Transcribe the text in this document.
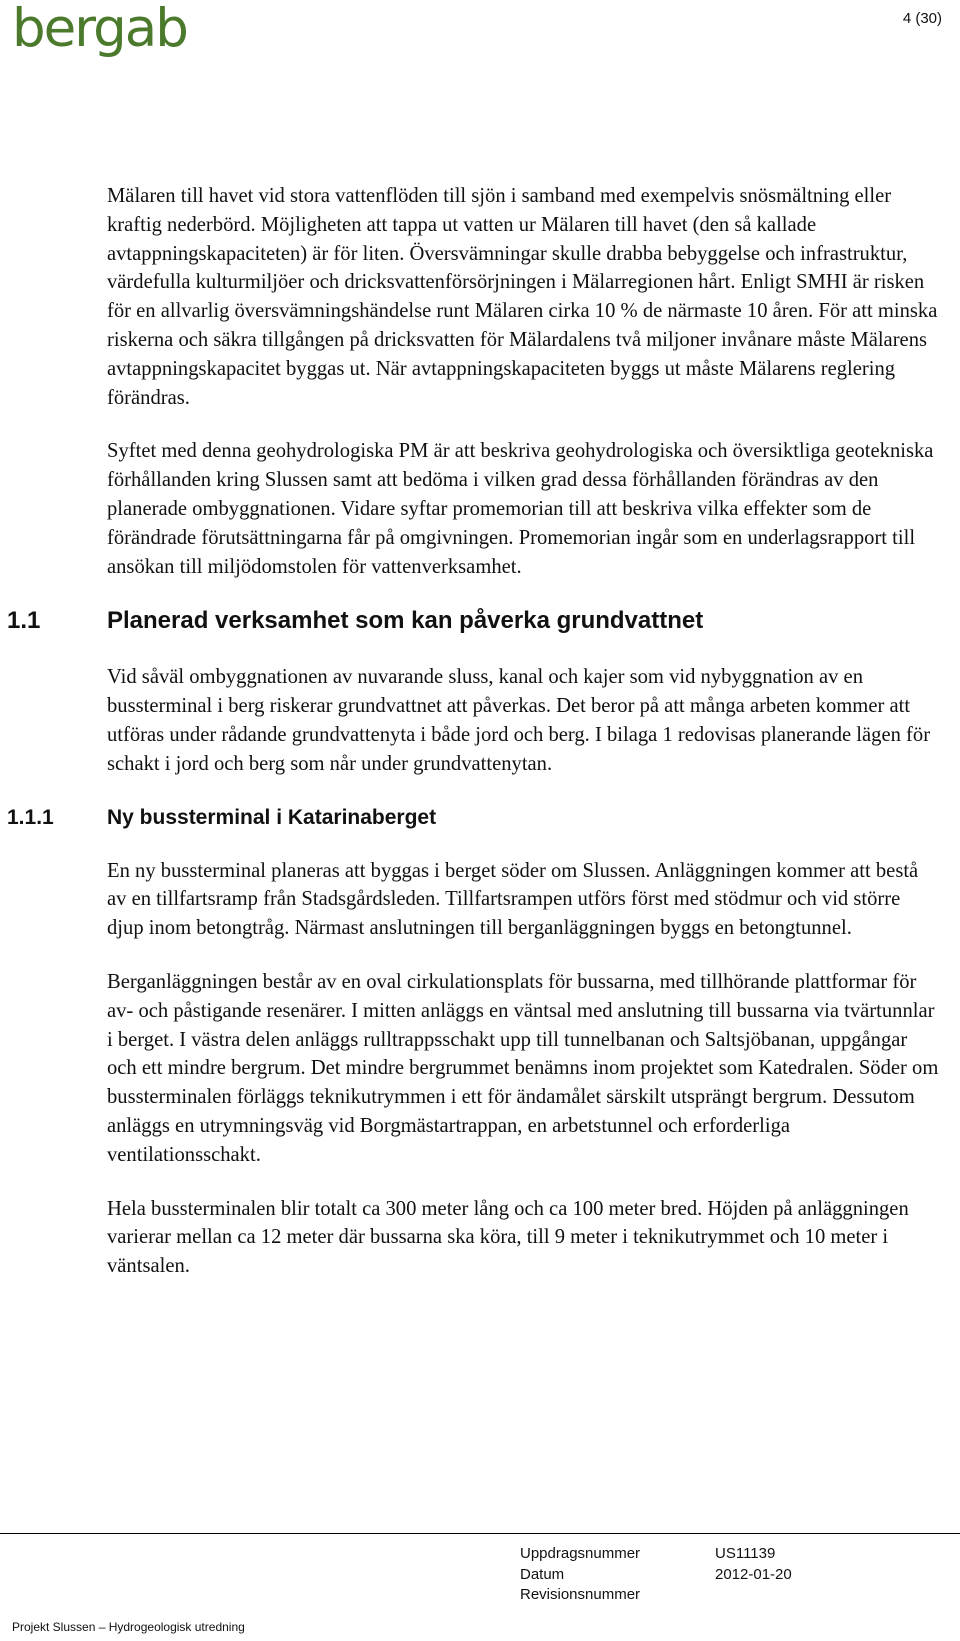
bergab	4 (30)

Mälaren till havet vid stora vattenflöden till sjön i samband med exempelvis snösmältning eller kraftig nederbörd. Möjligheten att tappa ut vatten ur Mälaren till havet (den så kallade avtappningskapaciteten) är för liten. Översvämningar skulle drabba bebyggelse och infrastruktur, värdefulla kulturmiljöer och dricksvattenförsörjningen i Mälarregionen hårt. Enligt SMHI är risken för en allvarlig översvämningshändelse runt Mälaren cirka 10 % de närmaste 10 åren. För att minska riskerna och säkra tillgången på dricksvatten för Mälardalens två miljoner invånare måste Mälarens avtappningskapacitet byggas ut. När avtappningskapaciteten byggs ut måste Mälarens reglering förändras.

Syftet med denna geohydrologiska PM är att beskriva geohydrologiska och översiktliga geotekniska förhållanden kring Slussen samt att bedöma i vilken grad dessa förhållanden förändras av den planerade ombyggnationen. Vidare syftar promemorian till att beskriva vilka effekter som de förändrade förutsättningarna får på omgivningen. Promemorian ingår som en underlagsrapport till ansökan till miljödomstolen för vattenverksamhet.

1.1	Planerad verksamhet som kan påverka grundvattnet

Vid såväl ombyggnationen av nuvarande sluss, kanal och kajer som vid nybyggnation av en bussterminal i berg riskerar grundvattnet att påverkas. Det beror på att många arbeten kommer att utföras under rådande grundvattenyta i både jord och berg. I bilaga 1 redovisas planerande lägen för schakt i jord och berg som når under grundvattenytan.

1.1.1	Ny bussterminal i Katarinaberget

En ny bussterminal planeras att byggas i berget söder om Slussen. Anläggningen kommer att bestå av en tillfartsramp från Stadsgårdsleden. Tillfartsrampen utförs först med stödmur och vid större djup inom betongtråg. Närmast anslutningen till berganläggningen byggs en betongtunnel.

Berganläggningen består av en oval cirkulationsplats för bussarna, med tillhörande plattformar för av- och påstigande resenärer. I mitten anläggs en väntsal med anslutning till bussarna via tvärtunnlar i berget. I västra delen anläggs rulltrappsschakt upp till tunnelbanan och Saltsjöbanan, uppgångar och ett mindre bergrum. Det mindre bergrummet benämns inom projektet som Katedralen. Söder om bussterminalen förläggs teknikutrymmen i ett för ändamålet särskilt utsprängt bergrum. Dessutom anläggs en utrymningsväg vid Borgmästartrappan, en arbetstunnel och erforderliga ventilationsschakt.

Hela bussterminalen blir totalt ca 300 meter lång och ca 100 meter bred. Höjden på anläggningen varierar mellan ca 12 meter där bussarna ska köra, till 9 meter i teknikutrymmet och 10 meter i väntsalen.

Uppdragsnummer	US11139
Datum	2012-01-20
Revisionsnummer
Projekt Slussen – Hydrogeologisk utredning
